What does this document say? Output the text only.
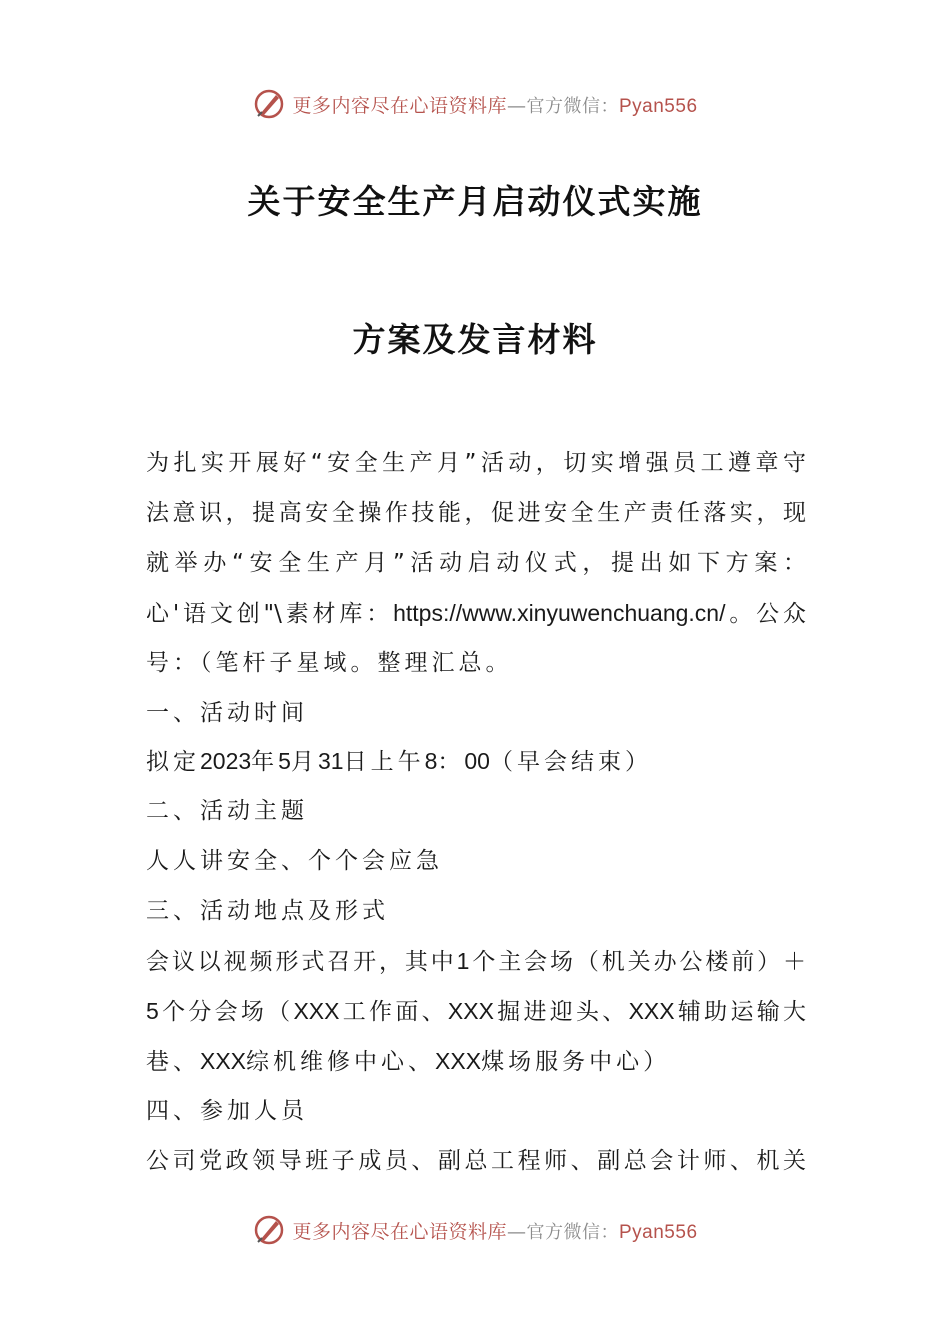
更多内容尽在心语资料库—官方微信：Pyan556
关于安全生产月启动仪式实施
方案及发言材料
为扎实开展好“安全生产月”活动，切实增强员工遵章守
法意识，提高安全操作技能，促进安全生产责任落实，现
就举办“安全生产月”活动启动仪式，提出如下方案：
心'语文创"\素材库：https://www.xinyuwenchuang.cn/。公众
号：（笔杆子星域。整理汇总。
一、活动时间
拟定2023年5月31日上午8：00（早会结束）
二、活动主题
人人讲安全、个个会应急
三、活动地点及形式
会议以视频形式召开，其中1个主会场（机关办公楼前）＋
5个分会场（XXX工作面、XXX掘进迎头、XXX辅助运输大
巷、XXX综机维修中心、XXX煤场服务中心）
四、参加人员
公司党政领导班子成员、副总工程师、副总会计师、机关
更多内容尽在心语资料库—官方微信：Pyan556
